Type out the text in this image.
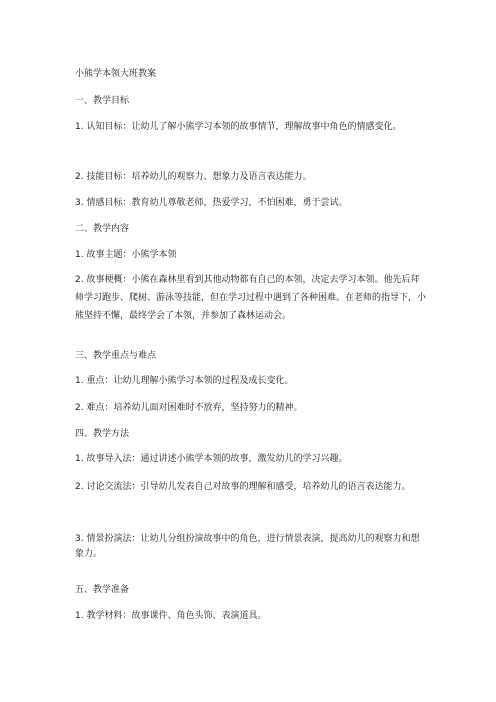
小熊学本领大班教案
一、教学目标
1. 认知目标：让幼儿了解小熊学习本领的故事情节，理解故事中角色的情感变化。
2. 技能目标：培养幼儿的观察力、想象力及语言表达能力。
3. 情感目标：教育幼儿尊敬老师，热爱学习，不怕困难，勇于尝试。
二、教学内容
1. 故事主题：小熊学本领
2. 故事梗概：小熊在森林里看到其他动物都有自己的本领，决定去学习本领。他先后拜师学习跑步、爬树、游泳等技能，但在学习过程中遇到了各种困难。在老师的指导下，小熊坚持不懈，最终学会了本领，并参加了森林运动会。
三、教学重点与难点
1. 重点：让幼儿理解小熊学习本领的过程及成长变化。
2. 难点：培养幼儿面对困难时不放弃，坚持努力的精神。
四、教学方法
1. 故事导入法：通过讲述小熊学本领的故事，激发幼儿的学习兴趣。
2. 讨论交流法：引导幼儿发表自己对故事的理解和感受，培养幼儿的语言表达能力。
3. 情景扮演法：让幼儿分组扮演故事中的角色，进行情景表演，提高幼儿的观察力和想象力。
五、教学准备
1. 教学材料：故事课件、角色头饰、表演道具。
